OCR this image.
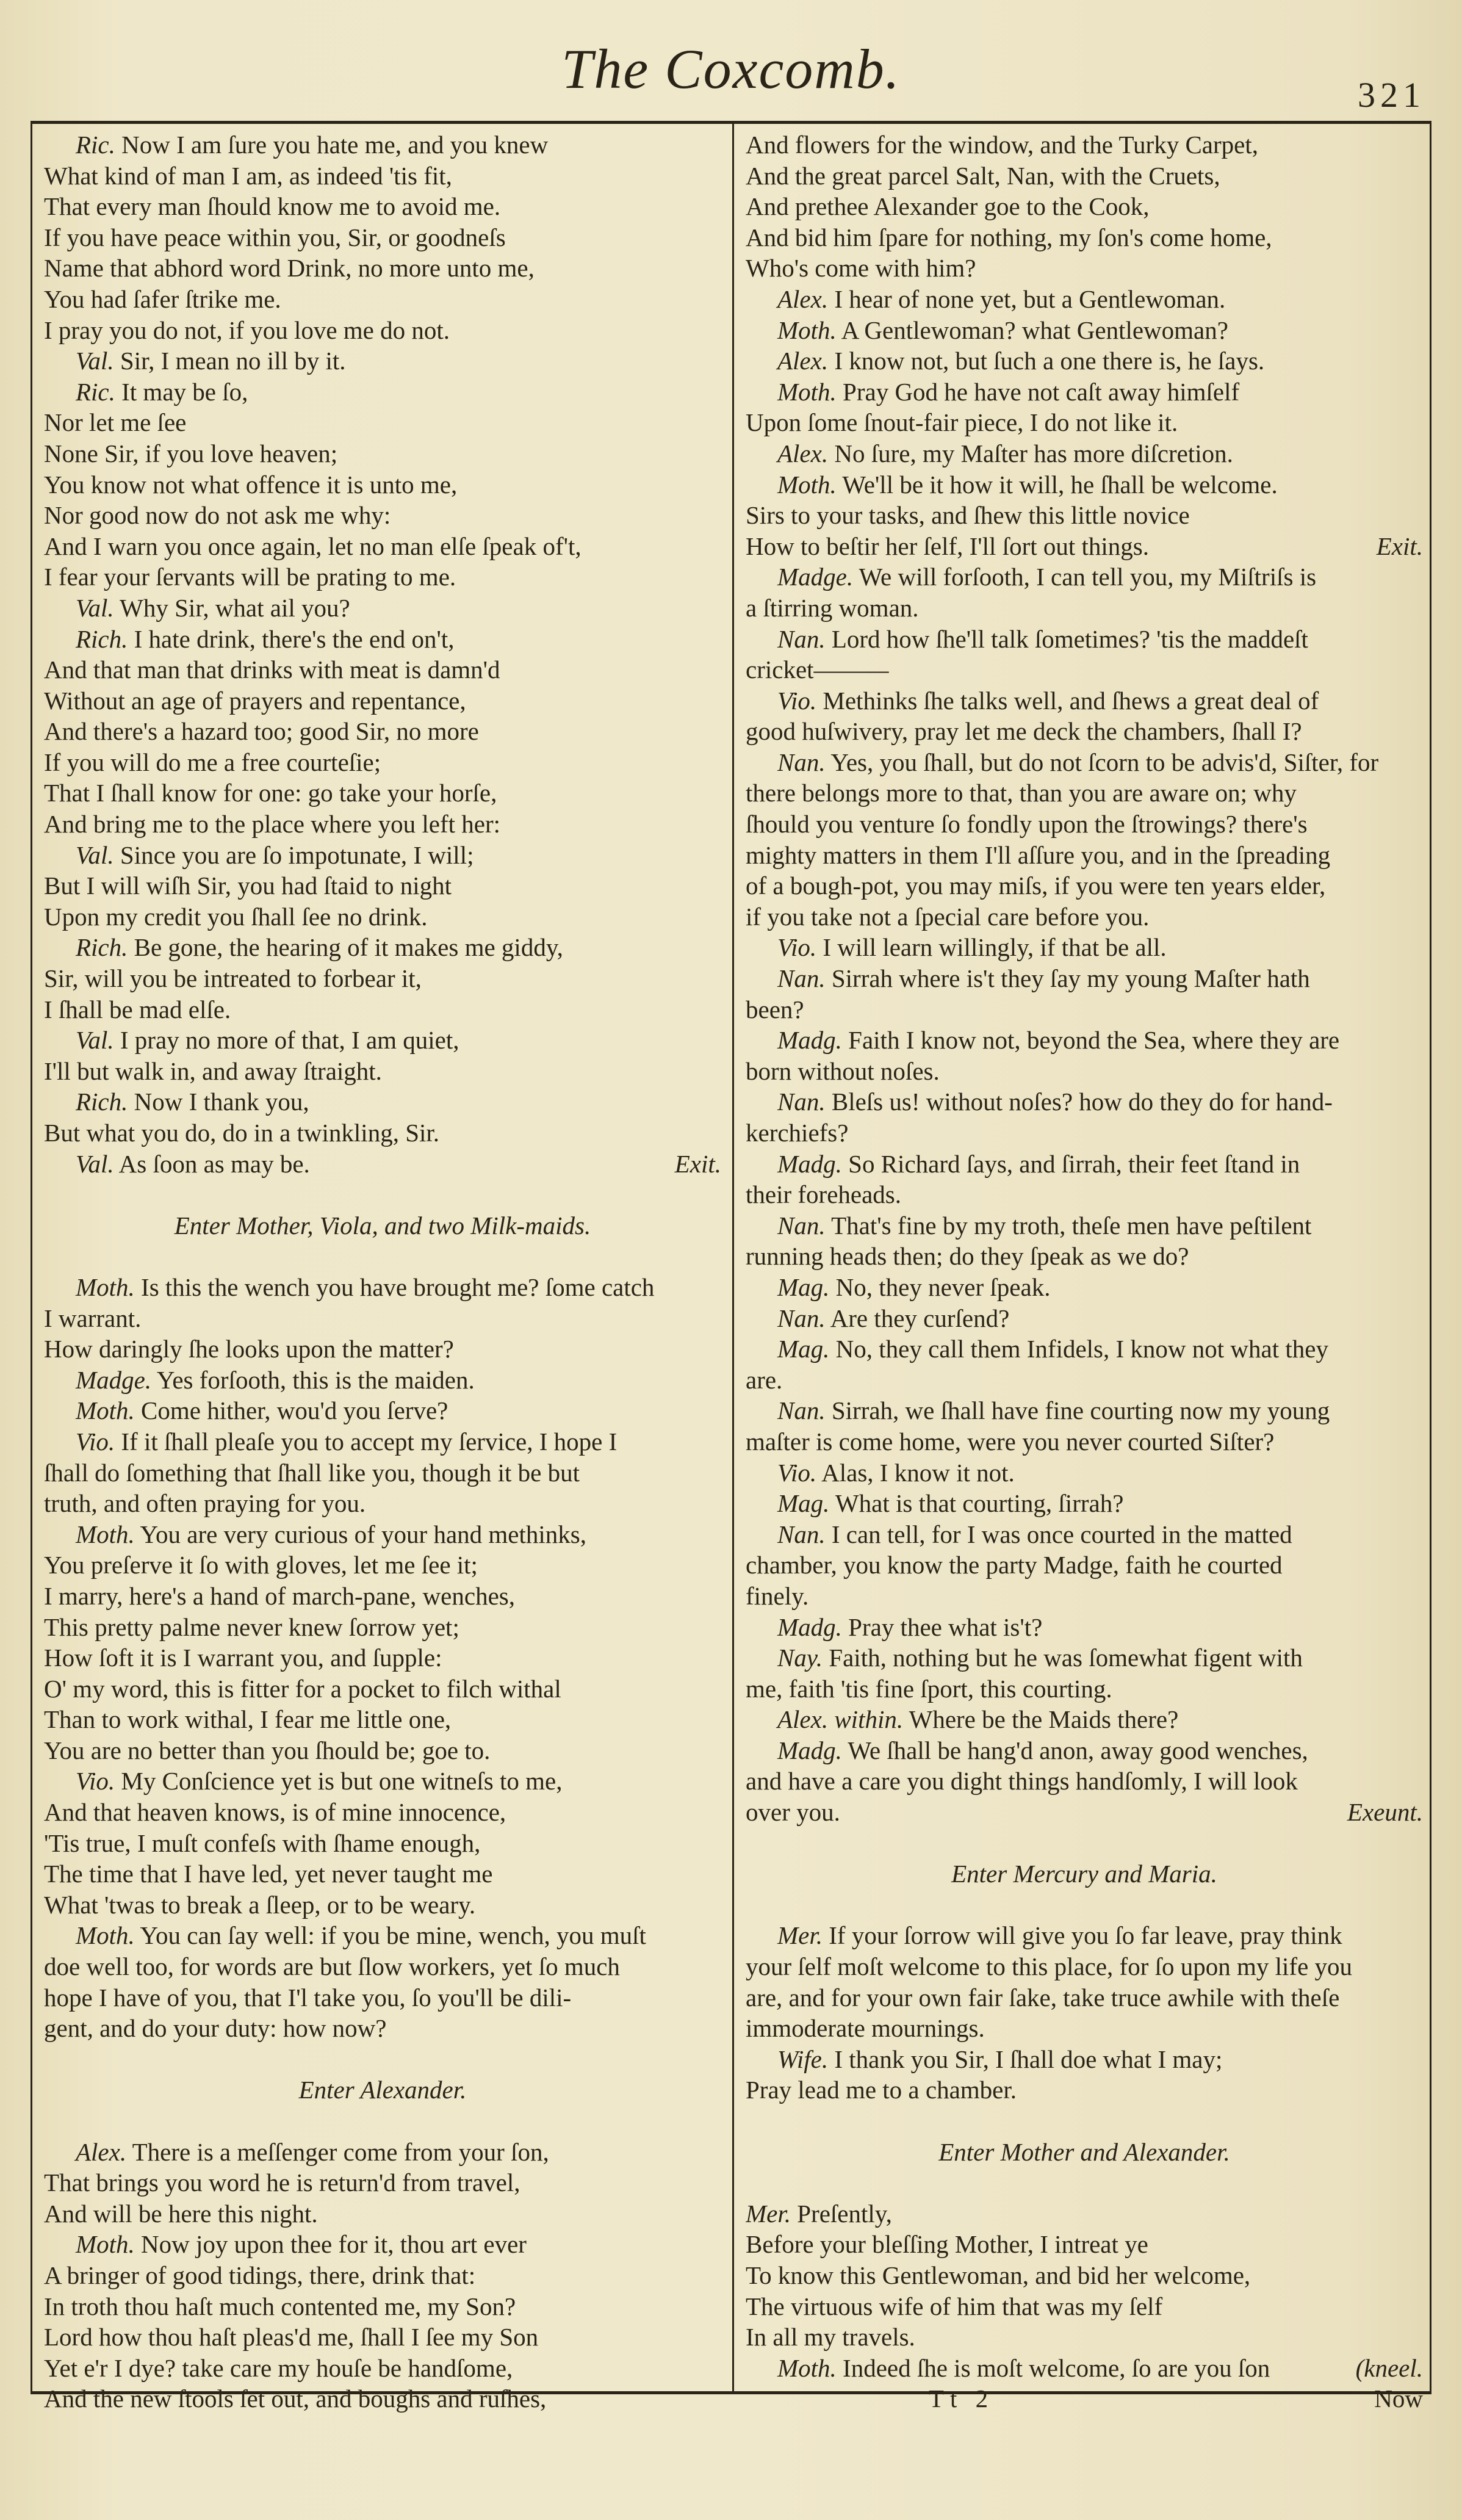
The Coxcomb.	321
Ric. Now I am ſure you hate me, and you knew
What kind of man I am, as indeed 'tis fit,
That every man ſhould know me to avoid me.
If you have peace within you, Sir, or goodneſs
Name that abhord word Drink, no more unto me,
You had ſafer ſtrike me.
I pray you do not, if you love me do not.
Val. Sir, I mean no ill by it.
Ric. It may be ſo,
Nor let me ſee
None Sir, if you love heaven;
You know not what offence it is unto me,
Nor good now do not ask me why:
And I warn you once again, let no man elſe ſpeak of't,
I fear your ſervants will be prating to me.
Val. Why Sir, what ail you?
Rich. I hate drink, there's the end on't,
And that man that drinks with meat is damn'd
Without an age of prayers and repentance,
And there's a hazard too; good Sir, no more
If you will do me a free courteſie;
That I ſhall know for one: go take your horſe,
And bring me to the place where you left her:
Val. Since you are ſo impotunate, I will;
But I will wiſh Sir, you had ſtaid to night
Upon my credit you ſhall ſee no drink.
Rich. Be gone, the hearing of it makes me giddy,
Sir, will you be intreated to forbear it,
I ſhall be mad elſe.
Val. I pray no more of that, I am quiet,
I'll but walk in, and away ſtraight.
Rich. Now I thank you,
But what you do, do in a twinkling, Sir.
Val. As ſoon as may be.	Exit.
Enter Mother, Viola, and two Milk-maids.
Moth. Is this the wench you have brought me? ſome catch
I warrant.
How daringly ſhe looks upon the matter?
Madge. Yes forſooth, this is the maiden.
Moth. Come hither, wou'd you ſerve?
Vio. If it ſhall pleaſe you to accept my ſervice, I hope I
ſhall do ſomething that ſhall like you, though it be but
truth, and often praying for you.
Moth. You are very curious of your hand methinks,
You preſerve it ſo with gloves, let me ſee it;
I marry, here's a hand of march-pane, wenches,
This pretty palme never knew ſorrow yet;
How ſoft it is I warrant you, and ſupple:
O' my word, this is fitter for a pocket to filch withal
Than to work withal, I fear me little one,
You are no better than you ſhould be; goe to.
Vio. My Conſcience yet is but one witneſs to me,
And that heaven knows, is of mine innocence,
'Tis true, I muſt confeſs with ſhame enough,
The time that I have led, yet never taught me
What 'twas to break a ſleep, or to be weary.
Moth. You can ſay well: if you be mine, wench, you muſt
doe well too, for words are but ſlow workers, yet ſo much
hope I have of you, that I'l take you, ſo you'll be dili-
gent, and do your duty: how now?
Enter Alexander.
Alex. There is a meſſenger come from your ſon,
That brings you word he is return'd from travel,
And will be here this night.
Moth. Now joy upon thee for it, thou art ever
A bringer of good tidings, there, drink that:
In troth thou haſt much contented me, my Son?
Lord how thou haſt pleas'd me, ſhall I ſee my Son
Yet e'r I dye? take care my houſe be handſome,
And the new ſtools ſet out, and boughs and ruſhes,
And flowers for the window, and the Turky Carpet,
And the great parcel Salt, Nan, with the Cruets,
And prethee Alexander goe to the Cook,
And bid him ſpare for nothing, my ſon's come home,
Who's come with him?
Alex. I hear of none yet, but a Gentlewoman.
Moth. A Gentlewoman? what Gentlewoman?
Alex. I know not, but ſuch a one there is, he ſays.
Moth. Pray God he have not caſt away himſelf
Upon ſome ſnout-fair piece, I do not like it.
Alex. No ſure, my Maſter has more diſcretion.
Moth. We'll be it how it will, he ſhall be welcome.
Sirs to your tasks, and ſhew this little novice
How to beſtir her ſelf, I'll ſort out things.	Exit.
Madge. We will forſooth, I can tell you, my Miſtriſs is
a ſtirring woman.
Nan. Lord how ſhe'll talk ſometimes? 'tis the maddeſt
cricket———
Vio. Methinks ſhe talks well, and ſhews a great deal of
good huſwivery, pray let me deck the chambers, ſhall I?
Nan. Yes, you ſhall, but do not ſcorn to be advis'd, Siſter, for
there belongs more to that, than you are aware on; why
ſhould you venture ſo fondly upon the ſtrowings? there's
mighty matters in them I'll aſſure you, and in the ſpreading
of a bough-pot, you may miſs, if you were ten years elder,
if you take not a ſpecial care before you.
Vio. I will learn willingly, if that be all.
Nan. Sirrah where is't they ſay my young Maſter hath
been?
Madg. Faith I know not, beyond the Sea, where they are
born without noſes.
Nan. Bleſs us! without noſes? how do they do for hand-
kerchiefs?
Madg. So Richard ſays, and ſirrah, their feet ſtand in
their foreheads.
Nan. That's fine by my troth, theſe men have peſtilent
running heads then; do they ſpeak as we do?
Mag. No, they never ſpeak.
Nan. Are they curſend?
Mag. No, they call them Infidels, I know not what they
are.
Nan. Sirrah, we ſhall have fine courting now my young
maſter is come home, were you never courted Siſter?
Vio. Alas, I know it not.
Mag. What is that courting, ſirrah?
Nan. I can tell, for I was once courted in the matted
chamber, you know the party Madge, faith he courted
finely.
Madg. Pray thee what is't?
Nay. Faith, nothing but he was ſomewhat figent with
me, faith 'tis fine ſport, this courting.
Alex. within. Where be the Maids there?
Madg. We ſhall be hang'd anon, away good wenches,
and have a care you dight things handſomly, I will look
over you.	Exeunt.
Enter Mercury and Maria.
Mer. If your ſorrow will give you ſo far leave, pray think
your ſelf moſt welcome to this place, for ſo upon my life you
are, and for your own fair ſake, take truce awhile with theſe
immoderate mournings.
Wife. I thank you Sir, I ſhall doe what I may;
Pray lead me to a chamber.
Enter Mother and Alexander.
Mer. Preſently,
Before your bleſſing Mother, I intreat ye
To know this Gentlewoman, and bid her welcome,
The virtuous wife of him that was my ſelf
In all my travels.
Moth. Indeed ſhe is moſt welcome, ſo are you ſon	(kneel.
Tt 2	Now
